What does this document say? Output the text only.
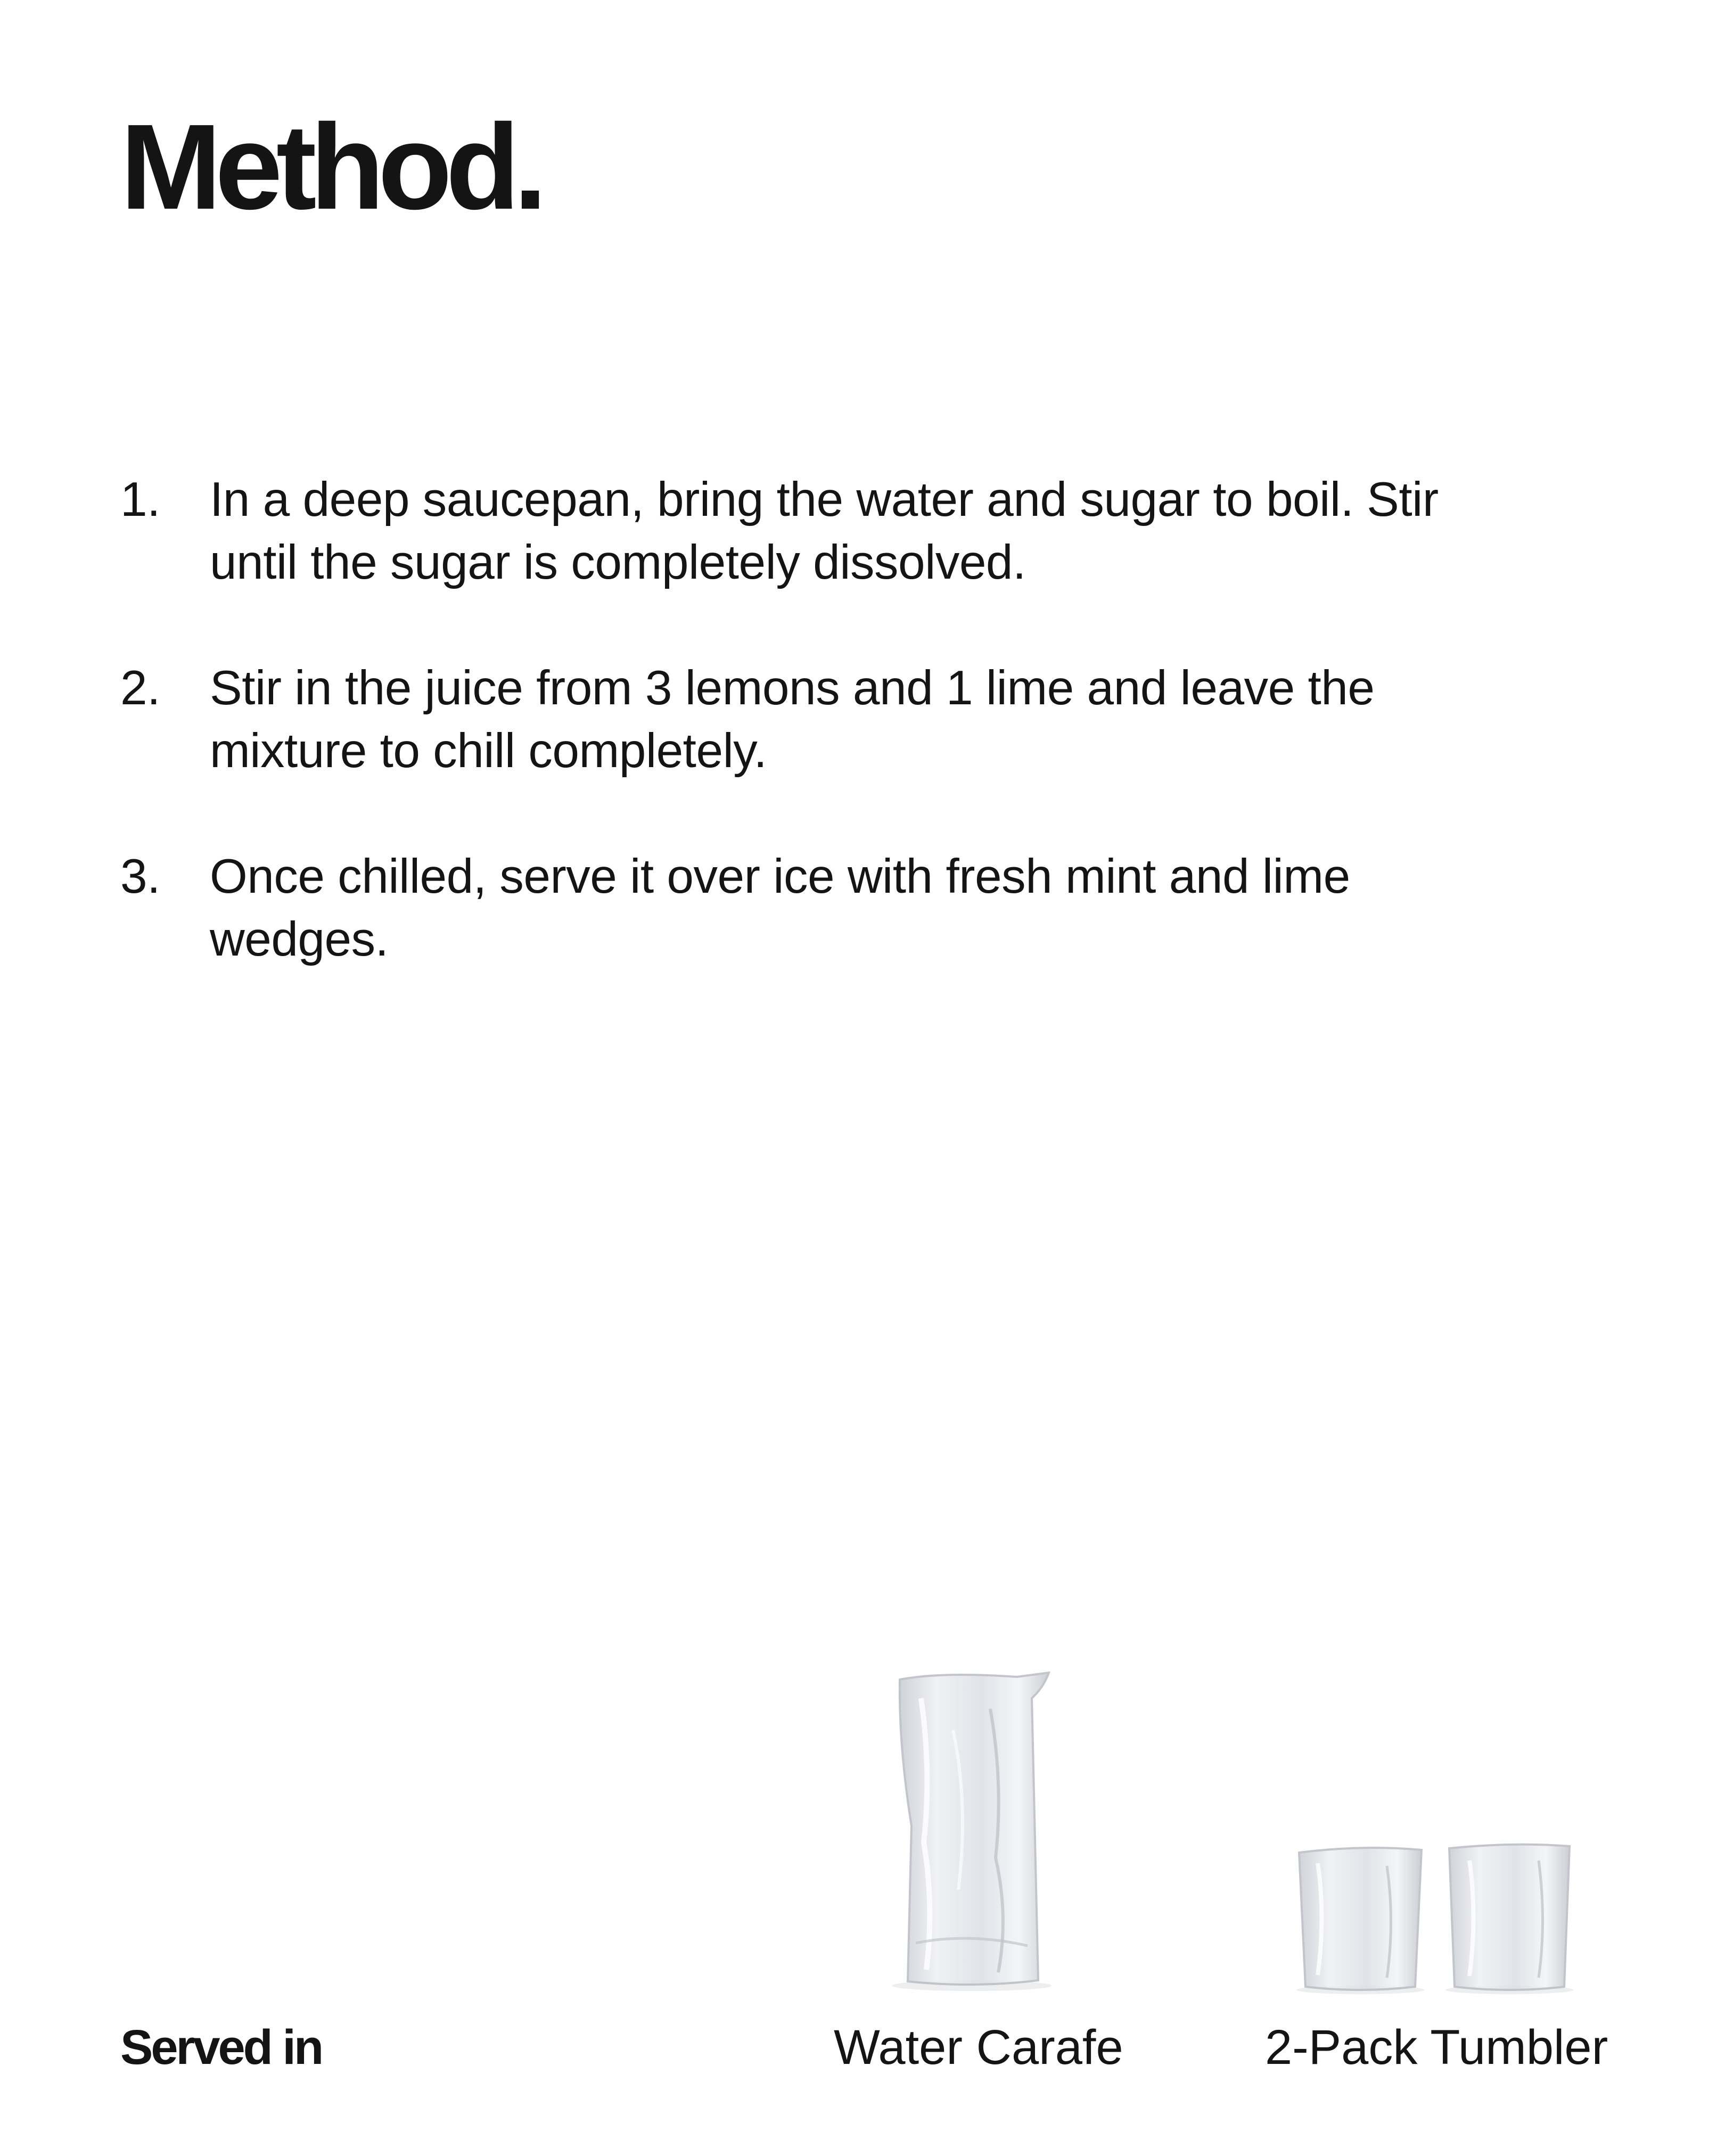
Method.
1. In a deep saucepan, bring the water and sugar to boil. Stir until the sugar is completely dissolved.
2. Stir in the juice from 3 lemons and 1 lime and leave the mixture to chill completely.
3. Once chilled, serve it over ice with fresh mint and lime wedges.
Served in	Water Carafe	2-Pack Tumbler
